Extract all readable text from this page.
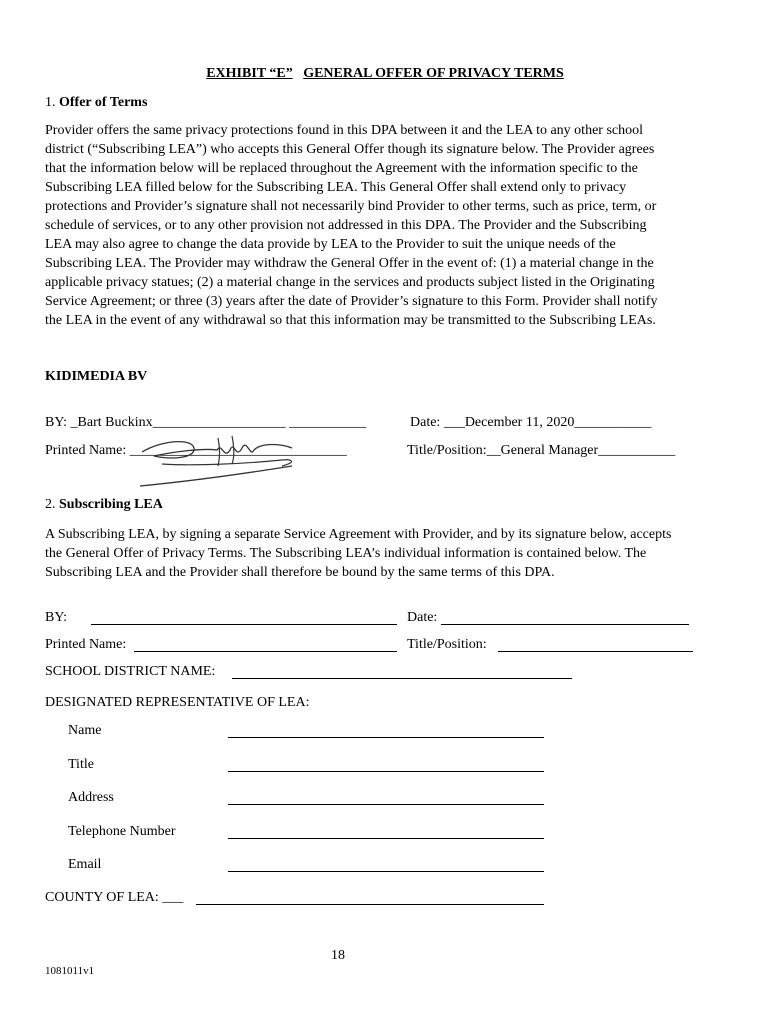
EXHIBIT “E” GENERAL OFFER OF PRIVACY TERMS
1. Offer of Terms
Provider offers the same privacy protections found in this DPA between it and the LEA to any other school
district (“Subscribing LEA”) who accepts this General Offer though its signature below. The Provider agrees
that the information below will be replaced throughout the Agreement with the information specific to the
Subscribing LEA filled below for the Subscribing LEA. This General Offer shall extend only to privacy
protections and Provider’s signature shall not necessarily bind Provider to other terms, such as price, term, or
schedule of services, or to any other provision not addressed in this DPA. The Provider and the Subscribing
LEA may also agree to change the data provide by LEA to the Provider to suit the unique needs of the
Subscribing LEA. The Provider may withdraw the General Offer in the event of: (1) a material change in the
applicable privacy statues; (2) a material change in the services and products subject listed in the Originating
Service Agreement; or three (3) years after the date of Provider’s signature to this Form. Provider shall notify
the LEA in the event of any withdrawal so that this information may be transmitted to the Subscribing LEAs.
KIDIMEDIA BV
BY: _Bart Buckinx___________________ ___________	Date: ___December 11, 2020___________
Printed Name: _______________________________	Title/Position:__General Manager___________
2. Subscribing LEA
A Subscribing LEA, by signing a separate Service Agreement with Provider, and by its signature below, accepts
the General Offer of Privacy Terms. The Subscribing LEA’s individual information is contained below. The
Subscribing LEA and the Provider shall therefore be bound by the same terms of this DPA.
BY:	Date:
Printed Name:	Title/Position:
SCHOOL DISTRICT NAME:
DESIGNATED REPRESENTATIVE OF LEA:
Name
Title
Address
Telephone Number
Email
COUNTY OF LEA: ___
18
1081011v1
